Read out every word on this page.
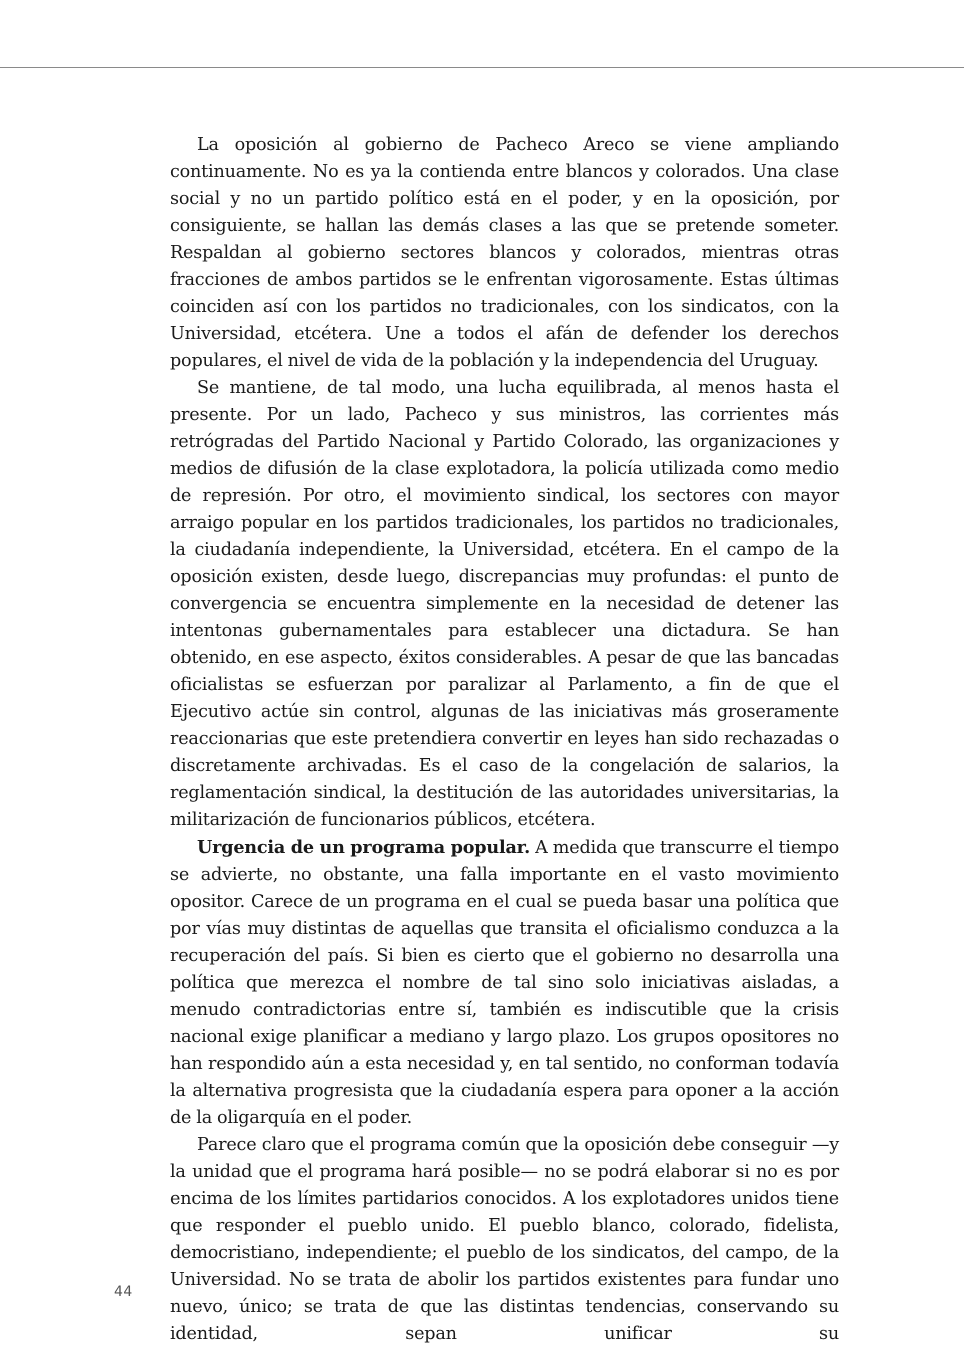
La oposición al gobierno de Pacheco Areco se viene ampliando continuamente. No es ya la contienda entre blancos y colorados. Una clase social y no un partido político está en el poder, y en la oposición, por consiguiente, se hallan las demás clases a las que se pretende someter. Respaldan al gobierno sectores blancos y colorados, mientras otras fracciones de ambos partidos se le enfrentan vigorosamente. Estas últimas coinciden así con los partidos no tradicionales, con los sindicatos, con la Universidad, etcétera. Une a todos el afán de defender los derechos populares, el nivel de vida de la población y la independencia del Uruguay.

Se mantiene, de tal modo, una lucha equilibrada, al menos hasta el presente. Por un lado, Pacheco y sus ministros, las corrientes más retrógradas del Partido Nacional y Partido Colorado, las organizaciones y medios de difusión de la clase explotadora, la policía utilizada como medio de represión. Por otro, el movimiento sindical, los sectores con mayor arraigo popular en los partidos tradicionales, los partidos no tradicionales, la ciudadanía independiente, la Universidad, etcétera. En el campo de la oposición existen, desde luego, discrepancias muy profundas: el punto de convergencia se encuentra simplemente en la necesidad de detener las intentonas gubernamentales para establecer una dictadura. Se han obtenido, en ese aspecto, éxitos considerables. A pesar de que las bancadas oficialistas se esfuerzan por paralizar al Parlamento, a fin de que el Ejecutivo actúe sin control, algunas de las iniciativas más groseramente reaccionarias que este pretendiera convertir en leyes han sido rechazadas o discretamente archivadas. Es el caso de la congelación de salarios, la reglamentación sindical, la destitución de las autoridades universitarias, la militarización de funcionarios públicos, etcétera.

Urgencia de un programa popular. A medida que transcurre el tiempo se advierte, no obstante, una falla importante en el vasto movimiento opositor. Carece de un programa en el cual se pueda basar una política que por vías muy distintas de aquellas que transita el oficialismo conduzca a la recuperación del país. Si bien es cierto que el gobierno no desarrolla una política que merezca el nombre de tal sino solo iniciativas aisladas, a menudo contradictorias entre sí, también es indiscutible que la crisis nacional exige planificar a mediano y largo plazo. Los grupos opositores no han respondido aún a esta necesidad y, en tal sentido, no conforman todavía la alternativa progresista que la ciudadanía espera para oponer a la acción de la oligarquía en el poder.

Parece claro que el programa común que la oposición debe conseguir —y la unidad que el programa hará posible— no se podrá elaborar si no es por encima de los límites partidarios conocidos. A los explotadores unidos tiene que responder el pueblo unido. El pueblo blanco, colorado, fidelista, democristiano, independiente; el pueblo de los sindicatos, del campo, de la Universidad. No se trata de abolir los partidos existentes para fundar uno nuevo, único; se trata de que las distintas tendencias, conservando su identidad, sepan unificar su

44
